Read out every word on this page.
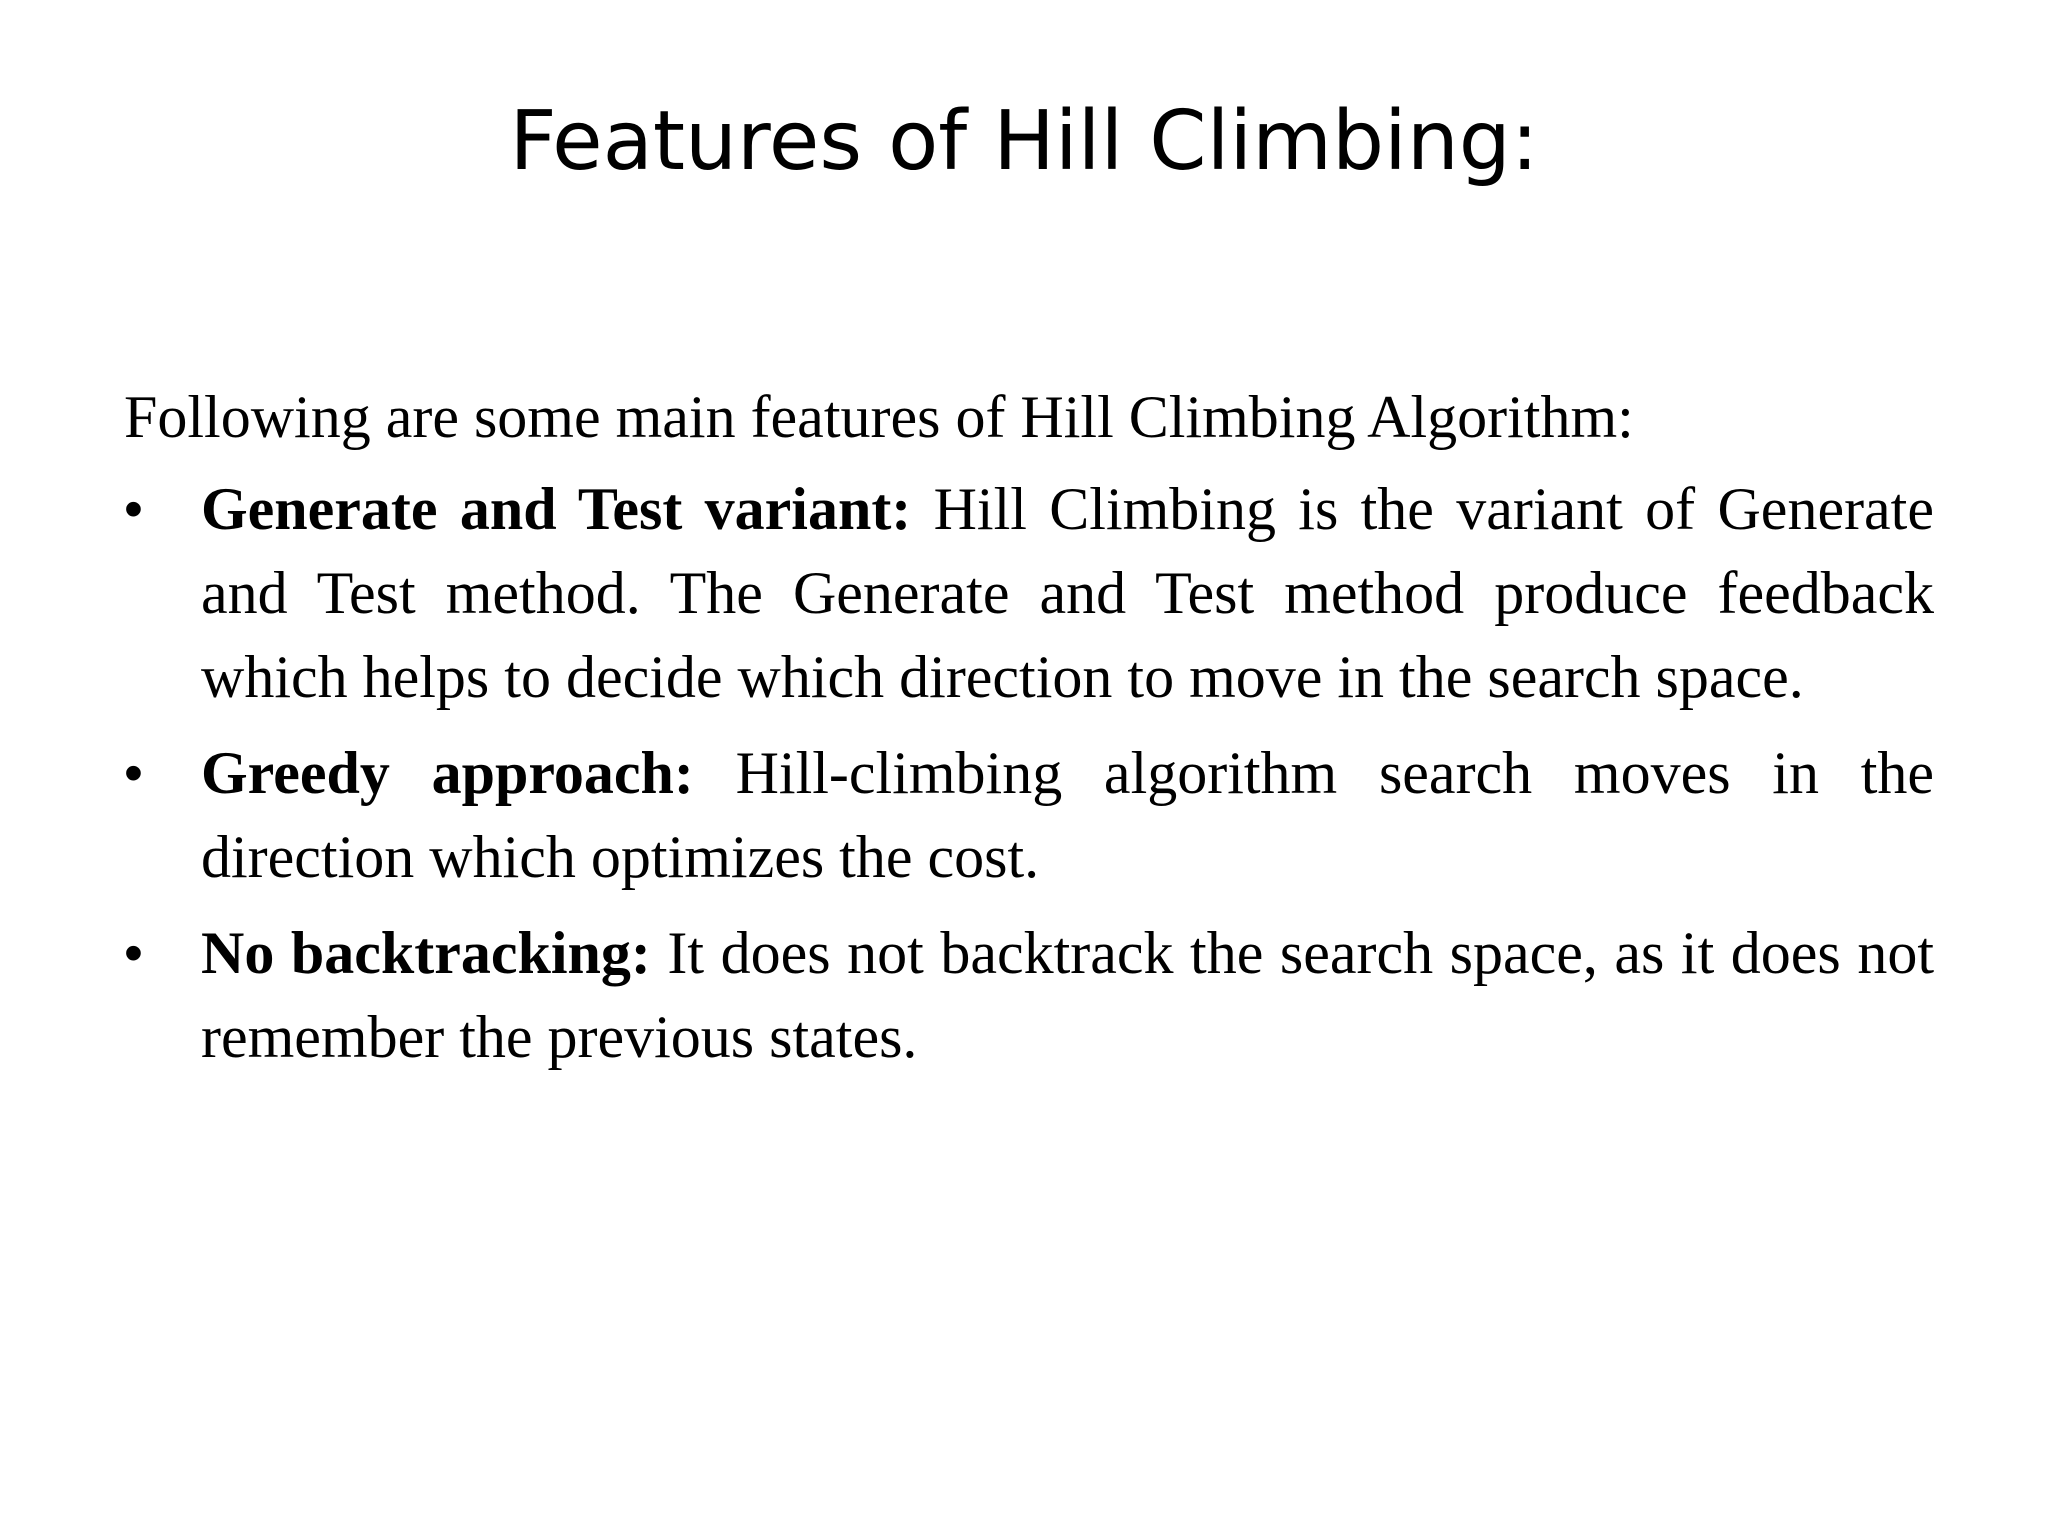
Features of Hill Climbing:

Following are some main features of Hill Climbing Algorithm:

• Generate and Test variant: Hill Climbing is the variant of Generate and Test method. The Generate and Test method produce feedback which helps to decide which direction to move in the search space.
• Greedy approach: Hill-climbing algorithm search moves in the direction which optimizes the cost.
• No backtracking: It does not backtrack the search space, as it does not remember the previous states.
